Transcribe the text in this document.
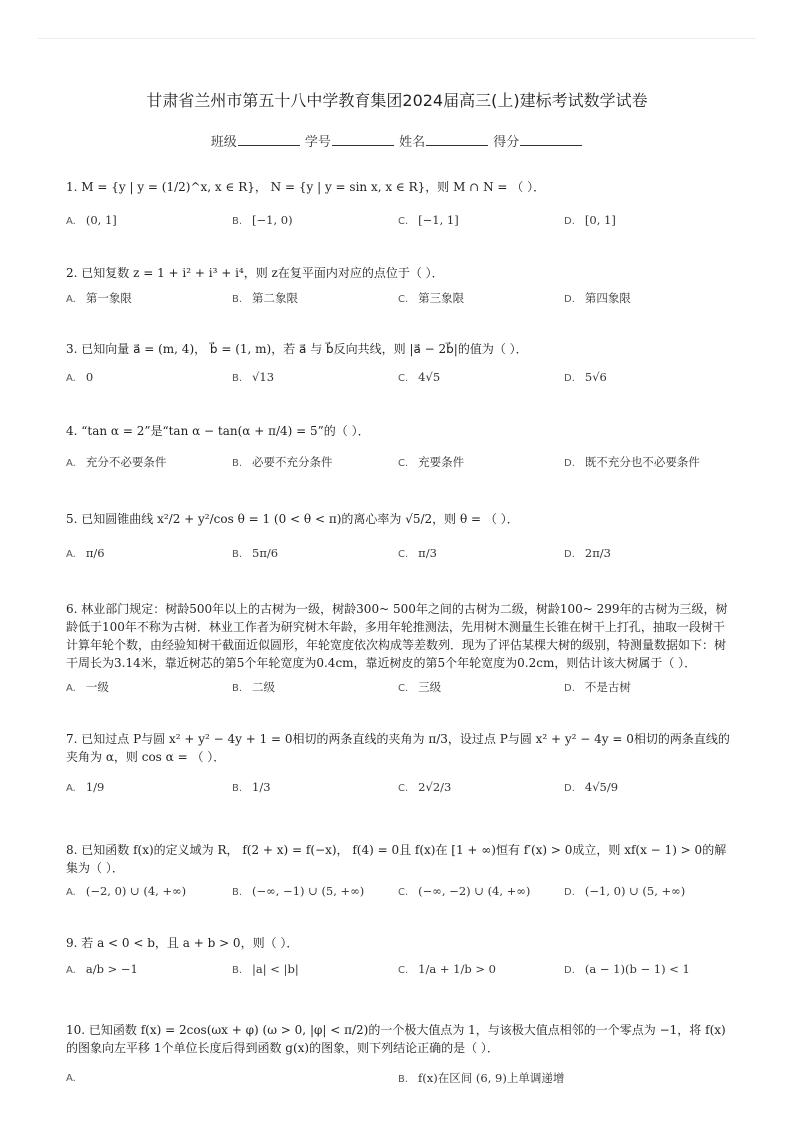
甘肃省兰州市第五十八中学教育集团2024届高三(上)建标考试数学试卷
班级	学号	姓名	得分
1. M = {y | y = (1/2)^x, x ∈ R}， N = {y | y = sin x, x ∈ R}，则 M ∩ N = （ ）．
A. (0, 1]	B. [−1, 0)	C. [−1, 1]	D. [0, 1]
2. 已知复数 z = 1 + i² + i³ + i⁴，则 z在复平面内对应的点位于（ ）．
A. 第一象限	B. 第二象限	C. 第三象限	D. 第四象限
3. 已知向量 a⃗ = (m, 4)， b⃗ = (1, m)，若 a⃗ 与 b⃗反向共线，则 |a⃗ − 2b⃗|的值为（ ）．
A. 0	B. √13	C. 4√5	D. 5√6
4. “tan α = 2”是“tan α − tan(α + π/4) = 5”的（ ）．
A. 充分不必要条件	B. 必要不充分条件	C. 充要条件	D. 既不充分也不必要条件
5. 已知圆锥曲线 x²/2 + y²/cos θ = 1 (0 < θ < π)的离心率为 √5/2，则 θ = （ ）．
A. π/6	B. 5π/6	C. π/3	D. 2π/3
6. 林业部门规定：树龄500年以上的古树为一级，树龄300~ 500年之间的古树为二级，树龄100~ 299年的古树为三级，树龄低于100年不称为古树．林业工作者为研究树木年龄，多用年轮推测法，先用树木测量生长锥在树干上打孔，抽取一段树干计算年轮个数，由经验知树干截面近似圆形，年轮宽度依次构成等差数列．现为了评估某棵大树的级别，特测量数据如下：树干周长为3.14米，靠近树芯的第5个年轮宽度为0.4cm，靠近树皮的第5个年轮宽度为0.2cm，则估计该大树属于（ ）．
A. 一级	B. 二级	C. 三级	D. 不是古树
7. 已知过点 P与圆 x² + y² − 4y + 1 = 0相切的两条直线的夹角为 π/3，设过点 P与圆 x² + y² − 4y = 0相切的两条直线的夹角为 α，则 cos α = （ ）．
A. 1/9	B. 1/3	C. 2√2/3	D. 4√5/9
8. 已知函数 f(x)的定义域为 R， f(2 + x) = f(−x)， f(4) = 0且 f(x)在 [1 + ∞)恒有 f′(x) > 0成立，则 xf(x − 1) > 0的解集为（ ）．
A. (−2, 0) ∪ (4, +∞)	B. (−∞, −1) ∪ (5, +∞)	C. (−∞, −2) ∪ (4, +∞)	D. (−1, 0) ∪ (5, +∞)
9. 若 a < 0 < b，且 a + b > 0，则（ ）．
A. a/b > −1	B. |a| < |b|	C. 1/a + 1/b > 0	D. (a − 1)(b − 1) < 1
10. 已知函数 f(x) = 2cos(ωx + φ) (ω > 0, |φ| < π/2)的一个极大值点为 1，与该极大值点相邻的一个零点为 −1，将 f(x)的图象向左平移 1个单位长度后得到函数 g(x)的图象，则下列结论正确的是（ ）．
A.	B. f(x)在区间 (6, 9)上单调递增
